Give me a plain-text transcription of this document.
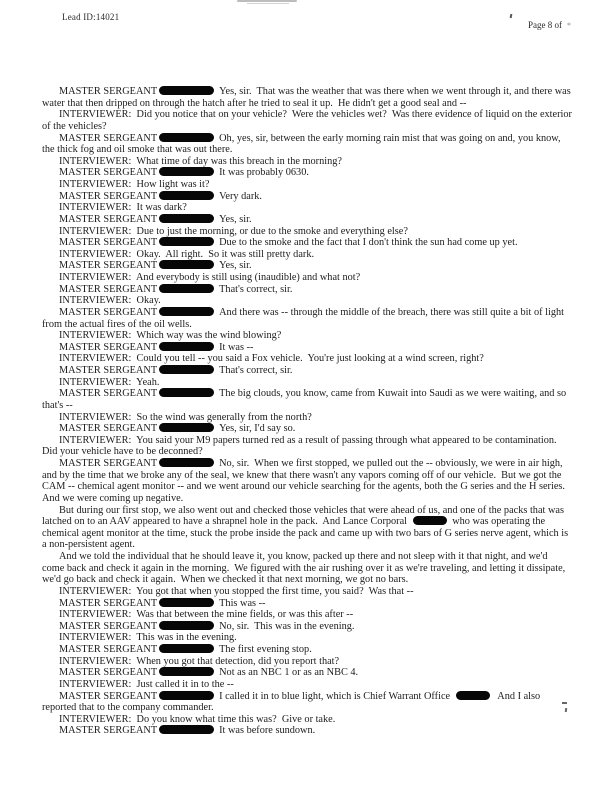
Lead ID:14021
Page 8 of *
MASTER SERGEANT	Yes, sir.  That was the weather that was there when we went through it, and there was water that then dripped on through the hatch after he tried to seal it up.  He didn't get a good seal and --
INTERVIEWER: Did you notice that on your vehicle?  Were the vehicles wet?  Was there evidence of liquid on the exterior of the vehicles?
MASTER SERGEANT	Oh, yes, sir, between the early morning rain mist that was going on and, you know, the thick fog and oil smoke that was out there.
INTERVIEWER: What time of day was this breach in the morning?
MASTER SERGEANT	It was probably 0630.
INTERVIEWER: How light was it?
MASTER SERGEANT	Very dark.
INTERVIEWER: It was dark?
MASTER SERGEANT	Yes, sir.
INTERVIEWER: Due to just the morning, or due to the smoke and everything else?
MASTER SERGEANT	Due to the smoke and the fact that I don't think the sun had come up yet.
INTERVIEWER: Okay.  All right.  So it was still pretty dark.
MASTER SERGEANT	Yes, sir.
INTERVIEWER: And everybody is still using (inaudible) and what not?
MASTER SERGEANT	That's correct, sir.
INTERVIEWER: Okay.
MASTER SERGEANT	And there was -- through the middle of the breach, there was still quite a bit of light from the actual fires of the oil wells.
INTERVIEWER: Which way was the wind blowing?
MASTER SERGEANT	It was --
INTERVIEWER: Could you tell -- you said a Fox vehicle.  You're just looking at a wind screen, right?
MASTER SERGEANT	That's correct, sir.
INTERVIEWER: Yeah.
MASTER SERGEANT	The big clouds, you know, came from Kuwait into Saudi as we were waiting, and so that's --
INTERVIEWER: So the wind was generally from the north?
MASTER SERGEANT	Yes, sir, I'd say so.
INTERVIEWER: You said your M9 papers turned red as a result of passing through what appeared to be contamination.  Did your vehicle have to be deconned?
MASTER SERGEANT	No, sir.  When we first stopped, we pulled out the -- obviously, we were in air high, and by the time that we broke any of the seal, we knew that there wasn't any vapors coming off of our vehicle.  But we got the CAM -- chemical agent monitor -- and we went around our vehicle searching for the agents, both the G series and the H series.  And we were coming up negative.
But during our first stop, we also went out and checked those vehicles that were ahead of us, and one of the packs that was latched on to an AAV appeared to have a shrapnel hole in the pack.  And Lance Corporal	who was operating the chemical agent monitor at the time, stuck the probe inside the pack and came up with two bars of G series nerve agent, which is a non-persistent agent.
And we told the individual that he should leave it, you know, packed up there and not sleep with it that night, and we'd come back and check it again in the morning.  We figured with the air rushing over it as we're traveling, and letting it dissipate, we'd go back and check it again.  When we checked it that next morning, we got no bars.
INTERVIEWER: You got that when you stopped the first time, you said?  Was that --
MASTER SERGEANT	This was --
INTERVIEWER: Was that between the mine fields, or was this after --
MASTER SERGEANT	No, sir.  This was in the evening.
INTERVIEWER: This was in the evening.
MASTER SERGEANT	The first evening stop.
INTERVIEWER: When you got that detection, did you report that?
MASTER SERGEANT	Not as an NBC 1 or as an NBC 4.
INTERVIEWER: Just called it in to the --
MASTER SERGEANT	I called it in to blue light, which is Chief Warrant Office	And I also reported that to the company commander.
INTERVIEWER: Do you know what time this was?  Give or take.
MASTER SERGEANT	It was before sundown.
